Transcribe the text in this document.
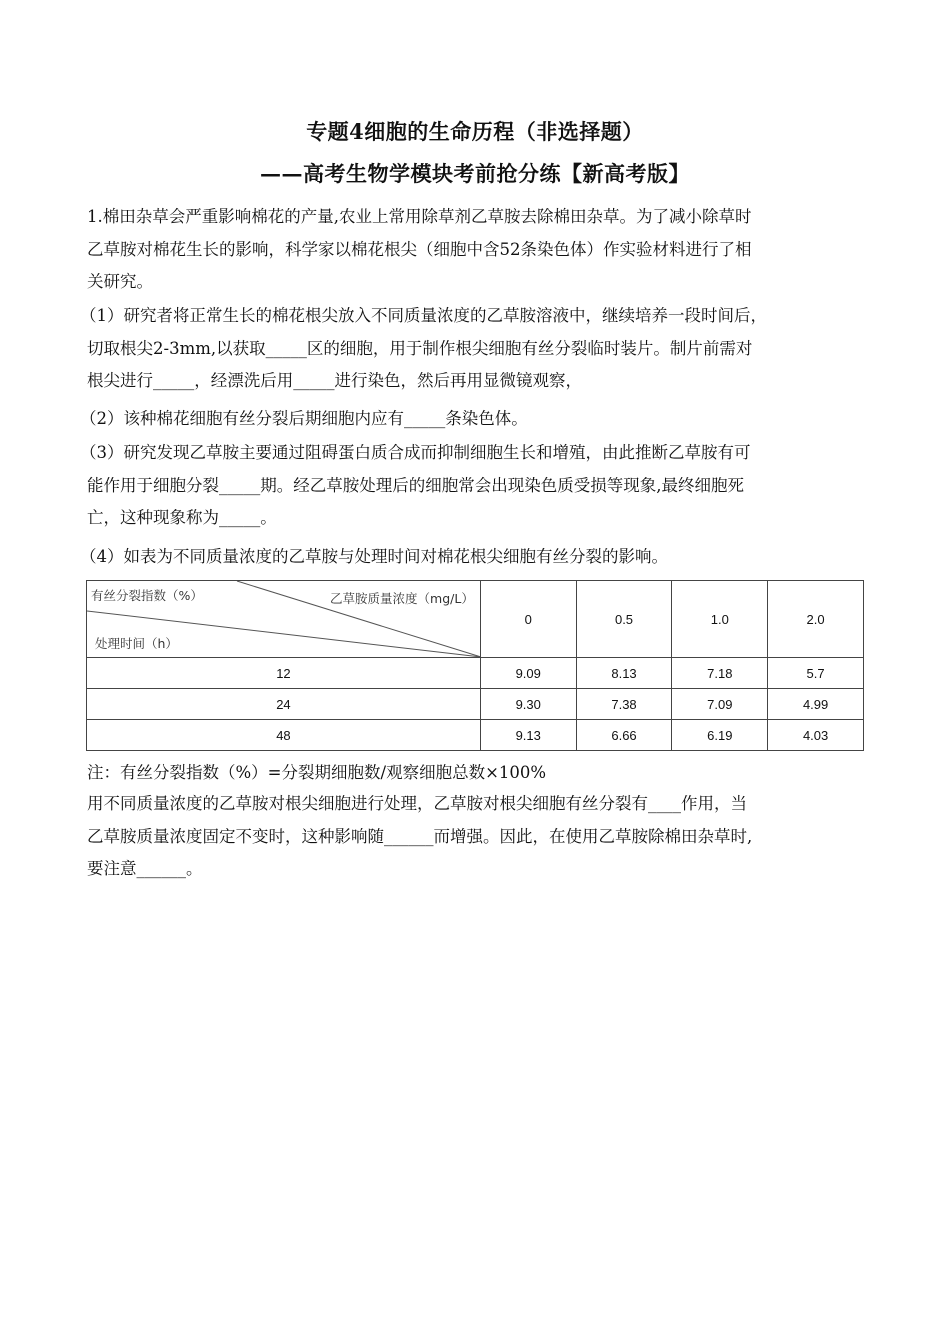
专题4细胞的生命历程（非选择题）
——高考生物学模块考前抢分练【新高考版】
1.棉田杂草会严重影响棉花的产量,农业上常用除草剂乙草胺去除棉田杂草。为了减小除草时
乙草胺对棉花生长的影响，科学家以棉花根尖（细胞中含52条染色体）作实验材料进行了相
关研究。
（1）研究者将正常生长的棉花根尖放入不同质量浓度的乙草胺溶液中，继续培养一段时间后，
切取根尖2-3mm,以获取_____区的细胞，用于制作根尖细胞有丝分裂临时装片。制片前需对
根尖进行_____，经漂洗后用_____进行染色，然后再用显微镜观察，
（2）该种棉花细胞有丝分裂后期细胞内应有_____条染色体。
（3）研究发现乙草胺主要通过阻碍蛋白质合成而抑制细胞生长和增殖，由此推断乙草胺有可
能作用于细胞分裂_____期。经乙草胺处理后的细胞常会出现染色质受损等现象,最终细胞死
亡，这种现象称为_____。
（4）如表为不同质量浓度的乙草胺与处理时间对棉花根尖细胞有丝分裂的影响。
有丝分裂指数（%） 乙草胺质量浓度（mg/L）
处理时间（h）	0	0.5	1.0	2.0
12	9.09	8.13	7.18	5.7
24	9.30	7.38	7.09	4.99
48	9.13	6.66	6.19	4.03
注：有丝分裂指数（%）=分裂期细胞数/观察细胞总数×100%
用不同质量浓度的乙草胺对根尖细胞进行处理，乙草胺对根尖细胞有丝分裂有____作用，当
乙草胺质量浓度固定不变时，这种影响随______而增强。因此，在使用乙草胺除棉田杂草时,
要注意______。
